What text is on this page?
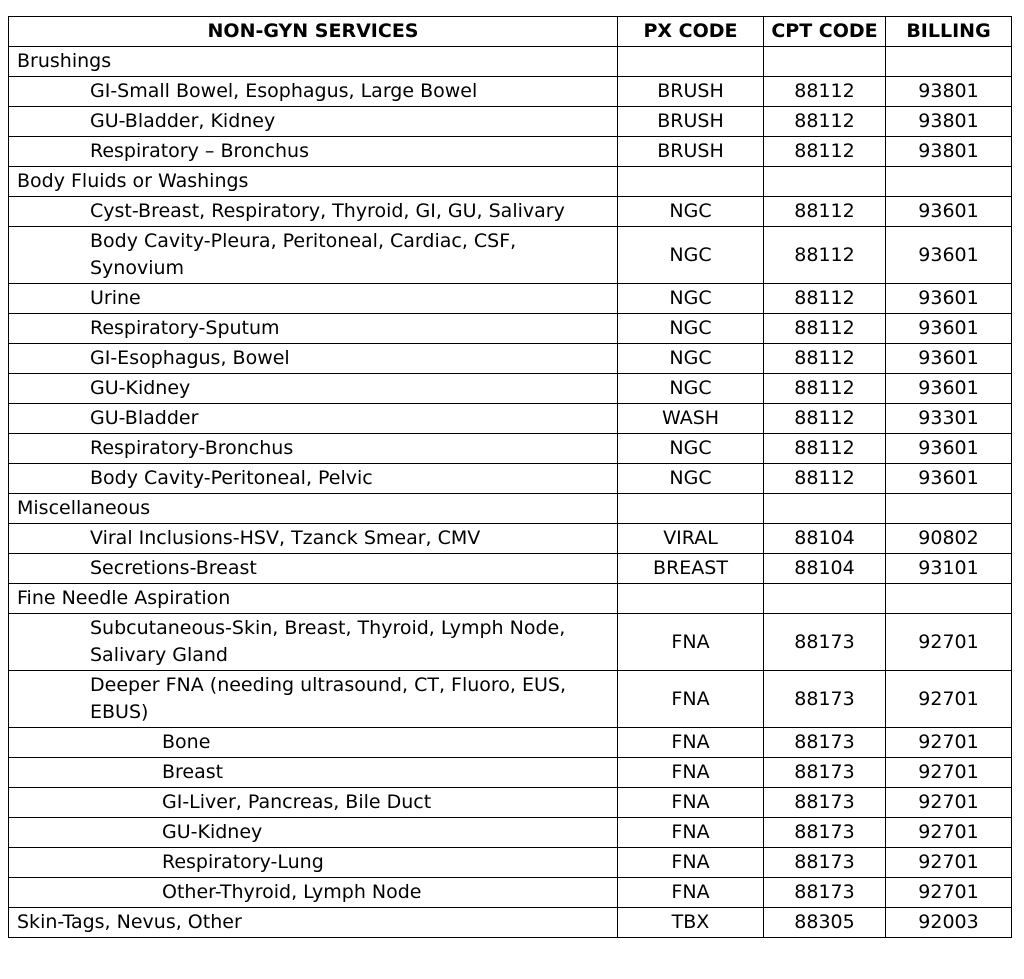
NON-GYN SERVICES	PX CODE	CPT CODE	BILLING
Brushings			
GI-Small Bowel, Esophagus, Large Bowel	BRUSH	88112	93801
GU-Bladder, Kidney	BRUSH	88112	93801
Respiratory – Bronchus	BRUSH	88112	93801
Body Fluids or Washings			
Cyst-Breast, Respiratory, Thyroid, GI, GU, Salivary	NGC	88112	93601
Body Cavity-Pleura, Peritoneal, Cardiac, CSF, Synovium	NGC	88112	93601
Urine	NGC	88112	93601
Respiratory-Sputum	NGC	88112	93601
GI-Esophagus, Bowel	NGC	88112	93601
GU-Kidney	NGC	88112	93601
GU-Bladder	WASH	88112	93301
Respiratory-Bronchus	NGC	88112	93601
Body Cavity-Peritoneal, Pelvic	NGC	88112	93601
Miscellaneous			
Viral Inclusions-HSV, Tzanck Smear, CMV	VIRAL	88104	90802
Secretions-Breast	BREAST	88104	93101
Fine Needle Aspiration			
Subcutaneous-Skin, Breast, Thyroid, Lymph Node, Salivary Gland	FNA	88173	92701
Deeper FNA (needing ultrasound, CT, Fluoro, EUS, EBUS)	FNA	88173	92701
Bone	FNA	88173	92701
Breast	FNA	88173	92701
GI-Liver, Pancreas, Bile Duct	FNA	88173	92701
GU-Kidney	FNA	88173	92701
Respiratory-Lung	FNA	88173	92701
Other-Thyroid, Lymph Node	FNA	88173	92701
Skin-Tags, Nevus, Other	TBX	88305	92003
